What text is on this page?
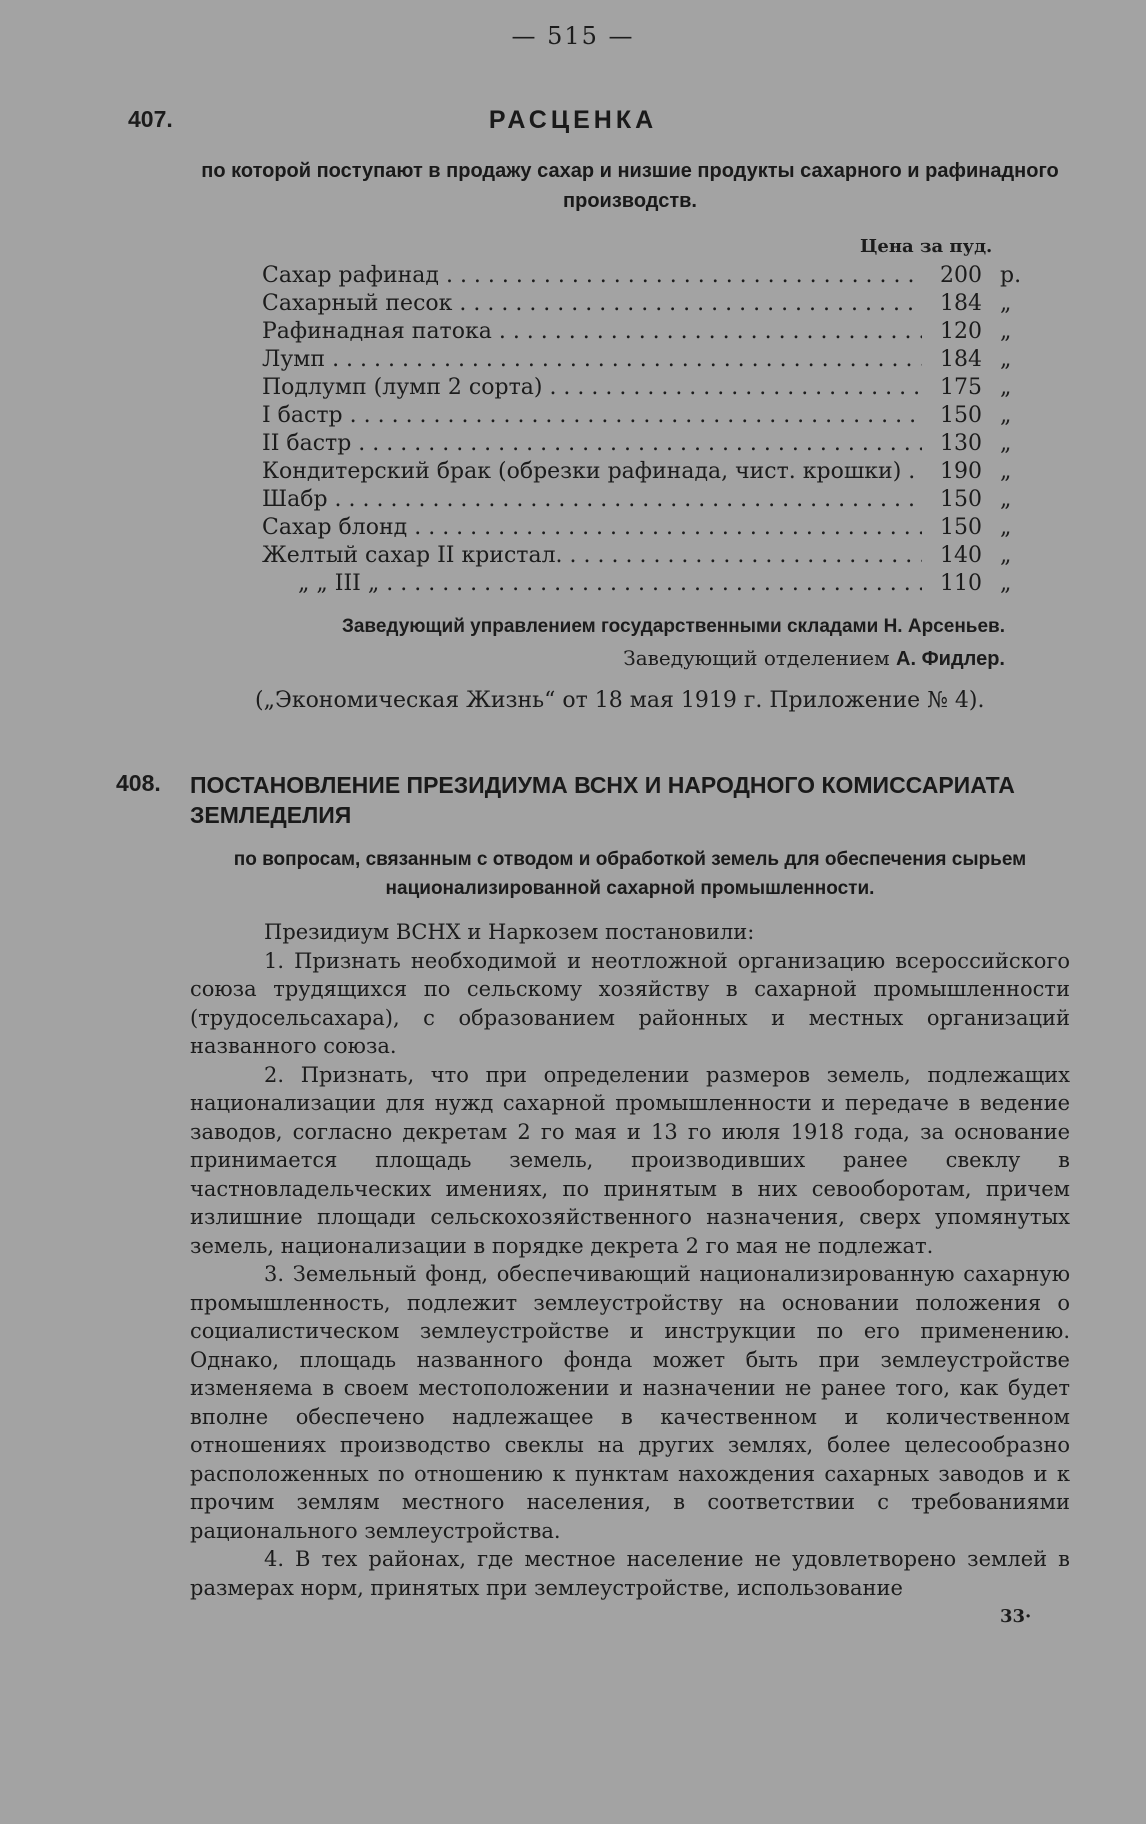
— 515 —
407.	РАСЦЕНКА
по которой поступают в продажу сахар и низшие продукты сахарного и рафинадного производств.
Цена за пуд.
Сахар рафинад . . .	200 р.
Сахарный песок . . .	184 „
Рафинадная патока . . .	120 „
Лумп . . .	184 „
Подлумп (лумп 2 сорта) . . .	175 „
I бастр . . .	150 „
II бастр . . .	130 „
Кондитерский брак (обрезки рафинада, чист. крошки) . . .	190 „
Шабр . . .	150 „
Сахар блонд . . .	150 „
Желтый сахар II кристал. . . .	140 „
„ „ III „ . . .	110 „
Заведующий управлением государственными складами Н. Арсеньев.
Заведующий отделением А. Фидлер.
(„Экономическая Жизнь“ от 18 мая 1919 г. Приложение № 4).
408. ПОСТАНОВЛЕНИЕ ПРЕЗИДИУМА ВСНХ И НАРОДНОГО КОМИССАРИАТА ЗЕМЛЕДЕЛИЯ
по вопросам, связанным с отводом и обработкой земель для обеспечения сырьем национализированной сахарной промышленности.

Президиум ВСНХ и Наркозем постановили:

1. Признать необходимой и неотложной организацию всероссийского союза трудящихся по сельскому хозяйству в сахарной промышленности (трудосельсахара), с образованием районных и местных организаций названного союза.

2. Признать, что при определении размеров земель, подлежащих национализации для нужд сахарной промышленности и передаче в ведение заводов, согласно декретам 2 го мая и 13 го июля 1918 года, за основание принимается площадь земель, производивших ранее свеклу в частновладельческих имениях, по принятым в них севооборотам, причем излишние площади сельскохозяйственного назначения, сверх упомянутых земель, национализации в порядке декрета 2 го мая не подлежат.

3. Земельный фонд, обеспечивающий национализированную сахарную промышленность, подлежит землеустройству на основании положения о социалистическом землеустройстве и инструкции по его применению. Однако, площадь названного фонда может быть при землеустройстве изменяема в своем местоположении и назначении не ранее того, как будет вполне обеспечено надлежащее в качественном и количественном отношениях производство свеклы на других землях, более целесообразно расположенных по отношению к пунктам нахождения сахарных заводов и к прочим землям местного населения, в соответствии с требованиями рационального землеустройства.

4. В тех районах, где местное население не удовлетворено землей в размерах норм, принятых при землеустройстве, использование

33·
